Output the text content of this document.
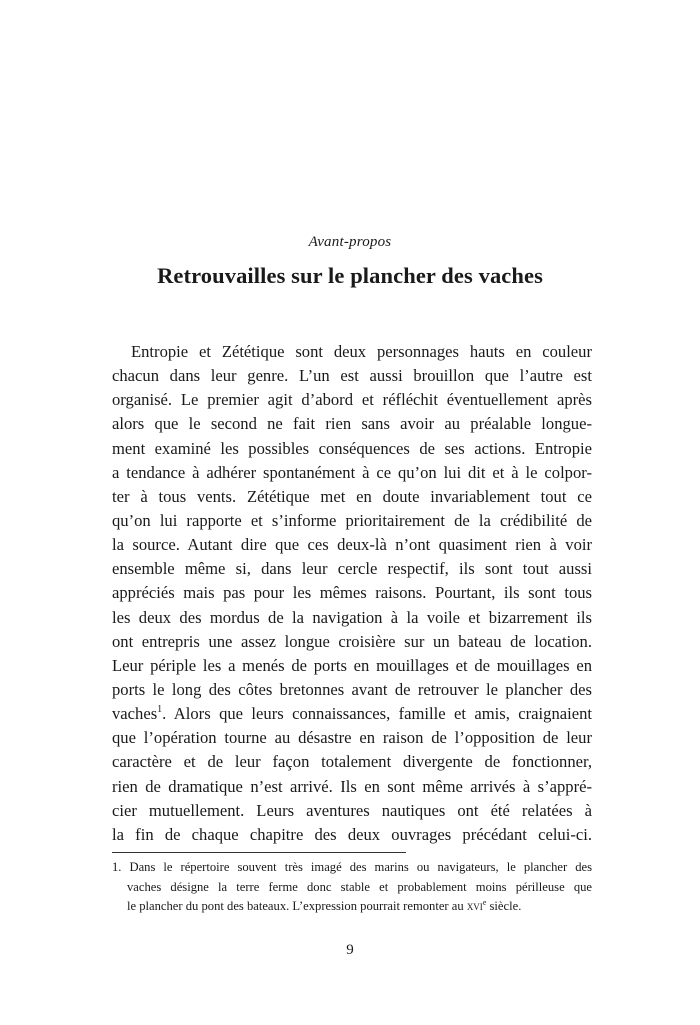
Avant-propos
Retrouvailles sur le plancher des vaches
Entropie et Zététique sont deux personnages hauts en couleur
chacun dans leur genre. L’un est aussi brouillon que l’autre est
organisé. Le premier agit d’abord et réfléchit éventuellement après
alors que le second ne fait rien sans avoir au préalable longue-
ment examiné les possibles conséquences de ses actions. Entropie
a tendance à adhérer spontanément à ce qu’on lui dit et à le colpor-
ter à tous vents. Zététique met en doute invariablement tout ce
qu’on lui rapporte et s’informe prioritairement de la crédibilité de
la source. Autant dire que ces deux-là n’ont quasiment rien à voir
ensemble même si, dans leur cercle respectif, ils sont tout aussi
appréciés mais pas pour les mêmes raisons. Pourtant, ils sont tous
les deux des mordus de la navigation à la voile et bizarrement ils
ont entrepris une assez longue croisière sur un bateau de location.
Leur périple les a menés de ports en mouillages et de mouillages en
ports le long des côtes bretonnes avant de retrouver le plancher des
vaches$^1$. Alors que leurs connaissances, famille et amis, craignaient
que l’opération tourne au désastre en raison de l’opposition de leur
caractère et de leur façon totalement divergente de fonctionner,
rien de dramatique n’est arrivé. Ils en sont même arrivés à s’appré-
cier mutuellement. Leurs aventures nautiques ont été relatées à
la fin de chaque chapitre des deux ouvrages précédant celui-ci.
1. Dans le répertoire souvent très imagé des marins ou navigateurs, le plancher des
vaches désigne la terre ferme donc stable et probablement moins périlleuse que
le plancher du pont des bateaux. L’expression pourrait remonter au xvi$^e$ siècle.
9
